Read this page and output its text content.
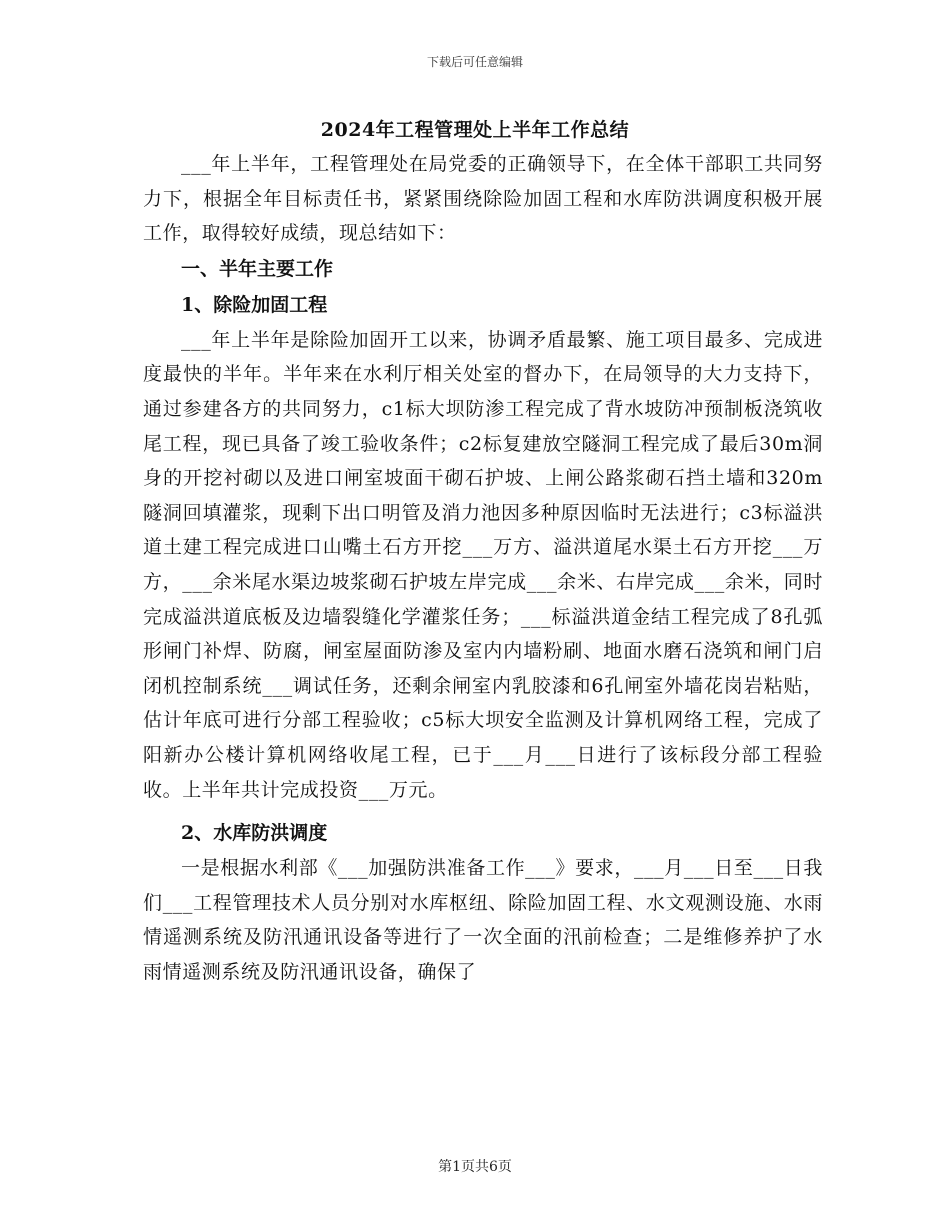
下载后可任意编辑
2024年工程管理处上半年工作总结

___年上半年，工程管理处在局党委的正确领导下，在全体干部职工共同努力下，根据全年目标责任书，紧紧围绕除险加固工程和水库防洪调度积极开展工作，取得较好成绩，现总结如下：

一、半年主要工作
1、除险加固工程

___年上半年是除险加固开工以来，协调矛盾最繁、施工项目最多、完成进度最快的半年。半年来在水利厅相关处室的督办下，在局领导的大力支持下，通过参建各方的共同努力，c1标大坝防渗工程完成了背水坡防冲预制板浇筑收尾工程，现已具备了竣工验收条件；c2标复建放空隧洞工程完成了最后30m洞身的开挖衬砌以及进口闸室坡面干砌石护坡、上闸公路浆砌石挡土墙和320m隧洞回填灌浆，现剩下出口明管及消力池因多种原因临时无法进行；c3标溢洪道土建工程完成进口山嘴土石方开挖___万方、溢洪道尾水渠土石方开挖___万方，___余米尾水渠边坡浆砌石护坡左岸完成___余米、右岸完成___余米，同时完成溢洪道底板及边墙裂缝化学灌浆任务；___标溢洪道金结工程完成了8孔弧形闸门补焊、防腐，闸室屋面防渗及室内内墙粉刷、地面水磨石浇筑和闸门启闭机控制系统___调试任务，还剩余闸室内乳胶漆和6孔闸室外墙花岗岩粘贴，估计年底可进行分部工程验收；c5标大坝安全监测及计算机网络工程，完成了阳新办公楼计算机网络收尾工程，已于___月___日进行了该标段分部工程验收。上半年共计完成投资___万元。

2、水库防洪调度

一是根据水利部《___加强防洪准备工作___》要求，___月___日至___日我们___工程管理技术人员分别对水库枢纽、除险加固工程、水文观测设施、水雨情遥测系统及防汛通讯设备等进行了一次全面的汛前检查；二是维修养护了水雨情遥测系统及防汛通讯设备，确保了

第1页共6页
